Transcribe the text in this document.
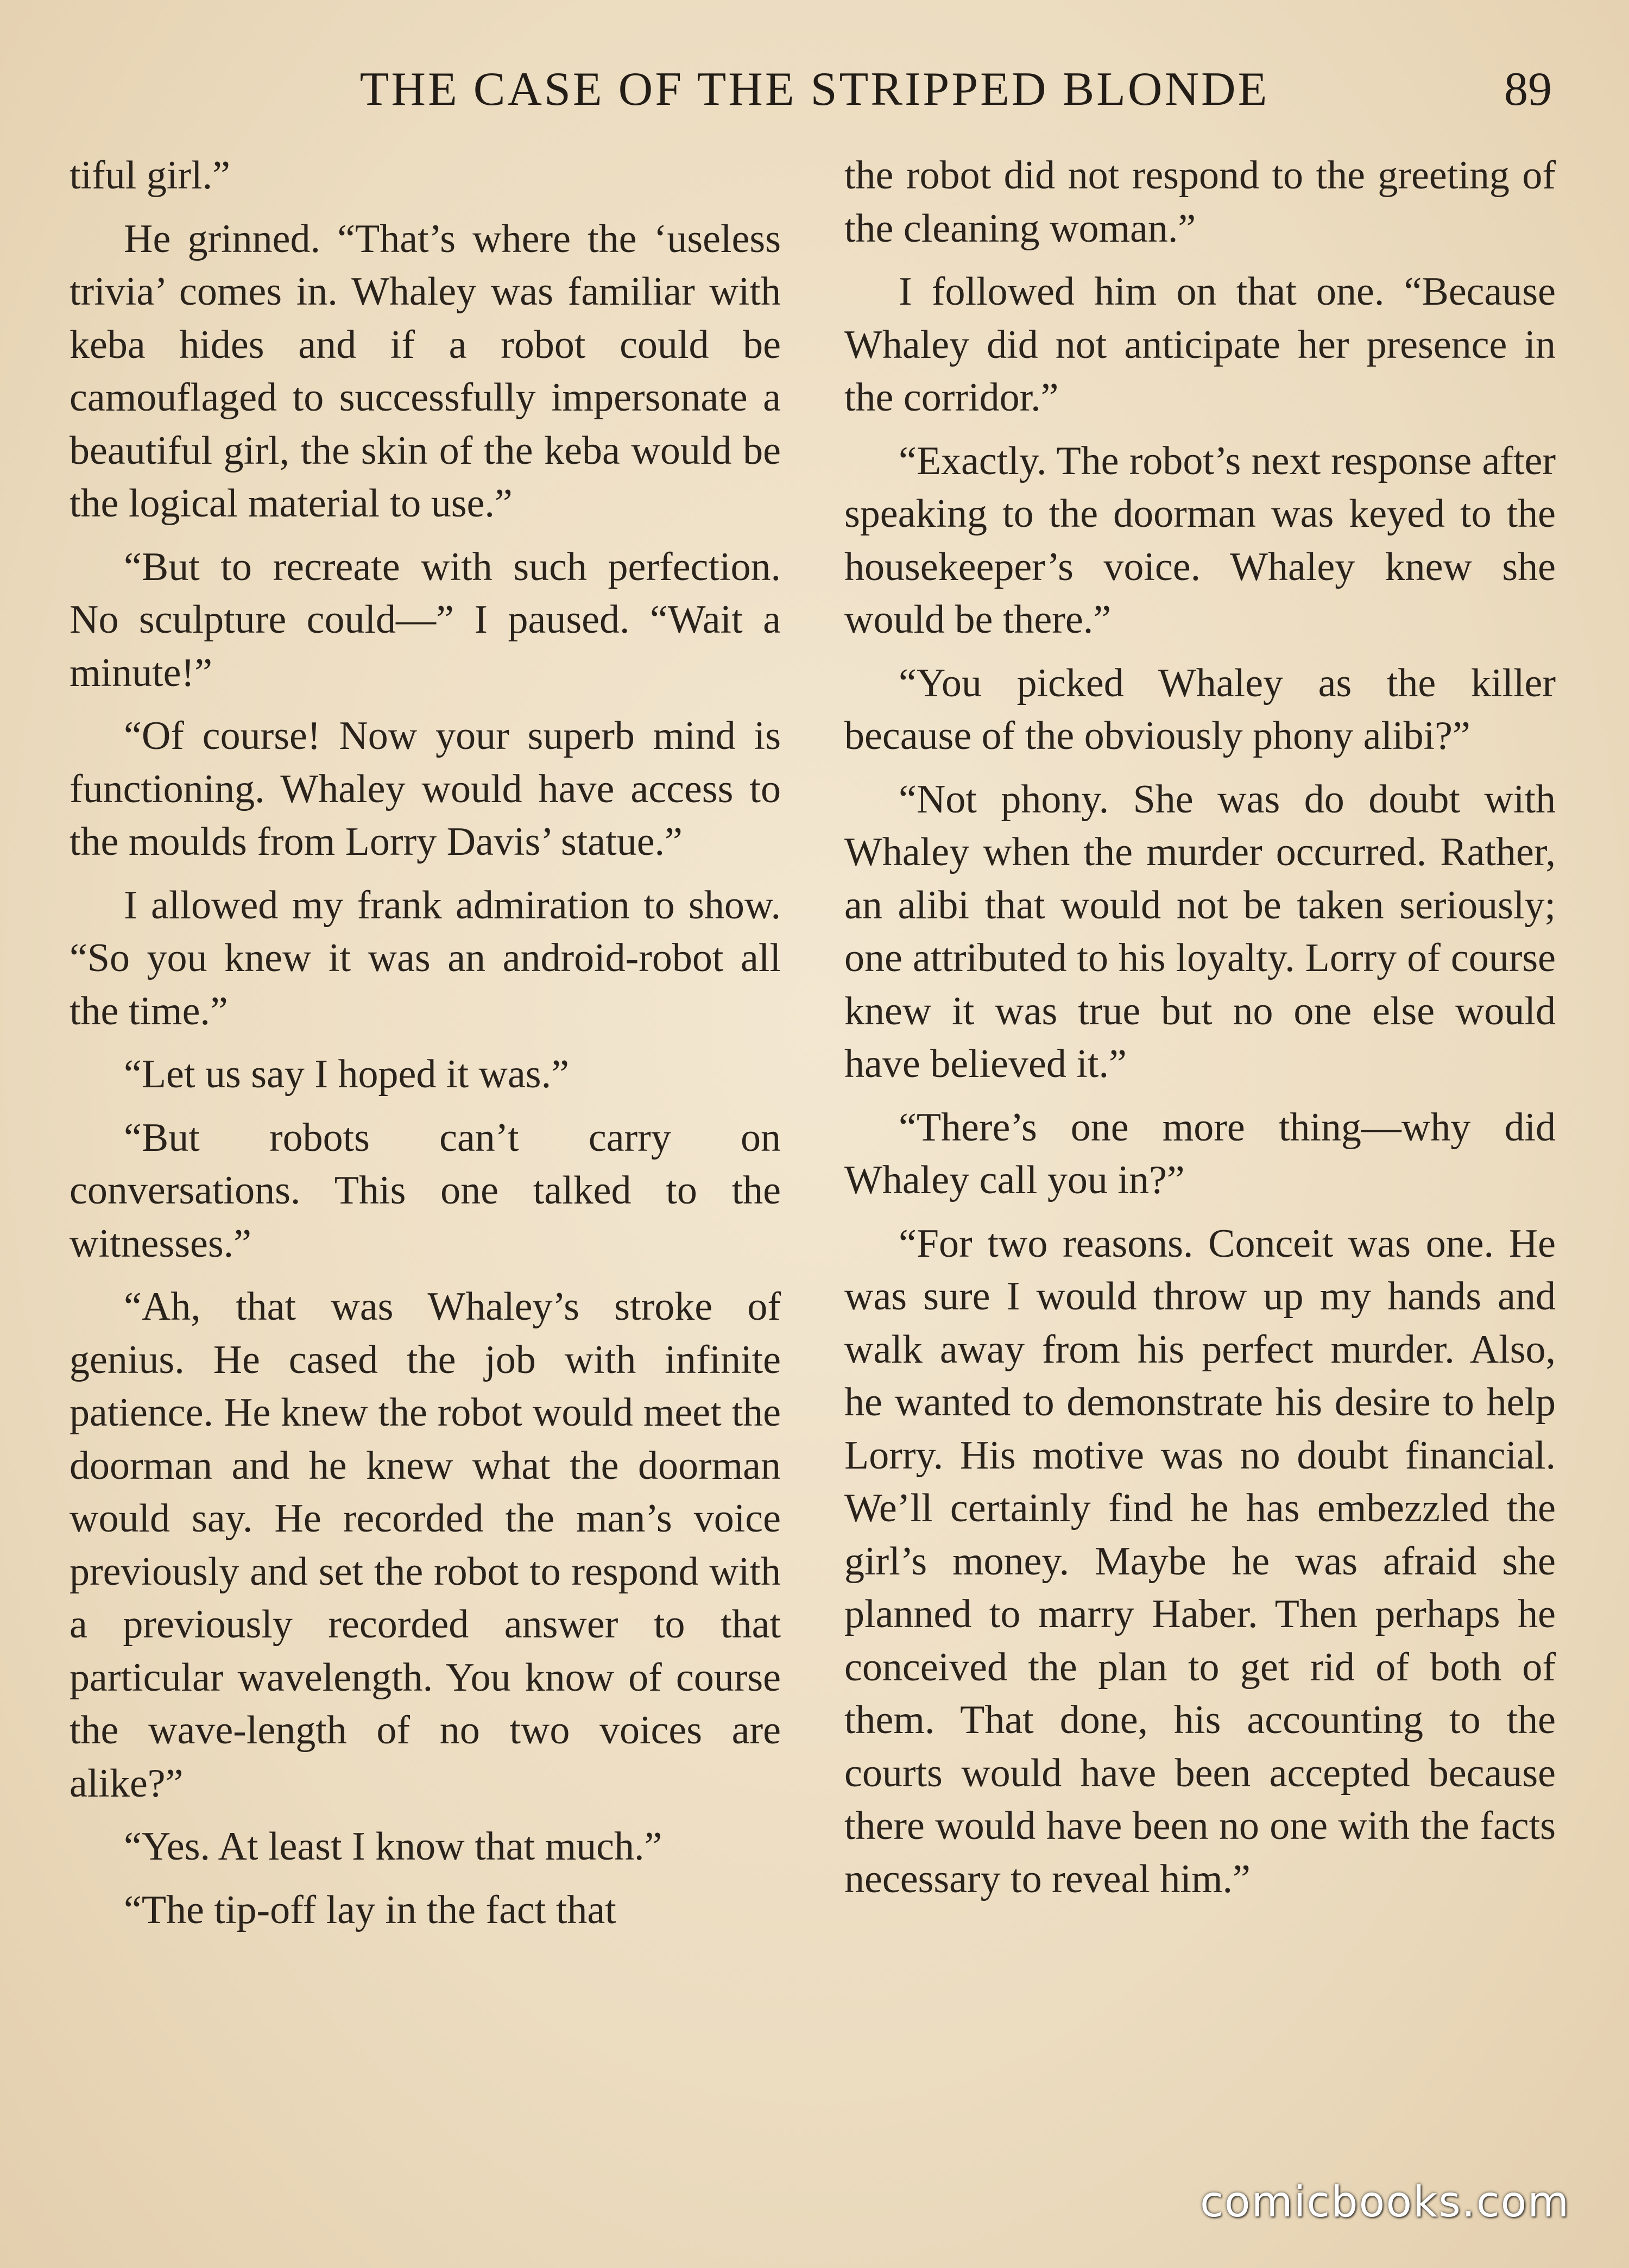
THE CASE OF THE STRIPPED BLONDE	89

tiful girl.”

He grinned. “That’s where the ‘useless trivia’ comes in. Whaley was familiar with keba hides and if a robot could be camouflaged to successfully impersonate a beautiful girl, the skin of the keba would be the logical material to use.”

“But to recreate with such perfection. No sculpture could—” I paused. “Wait a minute!”

“Of course! Now your superb mind is functioning. Whaley would have access to the moulds from Lorry Davis’ statue.”

I allowed my frank admiration to show. “So you knew it was an android-robot all the time.”

“Let us say I hoped it was.”

“But robots can’t carry on conversations. This one talked to the witnesses.”

“Ah, that was Whaley’s stroke of genius. He cased the job with infinite patience. He knew the robot would meet the doorman and he knew what the doorman would say. He recorded the man’s voice previously and set the robot to respond with a previously recorded answer to that particular wavelength. You know of course the wave-length of no two voices are alike?”

“Yes. At least I know that much.”

“The tip-off lay in the fact that

the robot did not respond to the greeting of the cleaning woman.”

I followed him on that one. “Because Whaley did not anticipate her presence in the corridor.”

“Exactly. The robot’s next response after speaking to the doorman was keyed to the housekeeper’s voice. Whaley knew she would be there.”

“You picked Whaley as the killer because of the obviously phony alibi?”

“Not phony. She was do doubt with Whaley when the murder occurred. Rather, an alibi that would not be taken seriously; one attributed to his loyalty. Lorry of course knew it was true but no one else would have believed it.”

“There’s one more thing—why did Whaley call you in?”

“For two reasons. Conceit was one. He was sure I would throw up my hands and walk away from his perfect murder. Also, he wanted to demonstrate his desire to help Lorry. His motive was no doubt financial. We’ll certainly find he has embezzled the girl’s money. Maybe he was afraid she planned to marry Haber. Then perhaps he conceived the plan to get rid of both of them. That done, his accounting to the courts would have been accepted because there would have been no one with the facts necessary to reveal him.”

comicbooks.com
